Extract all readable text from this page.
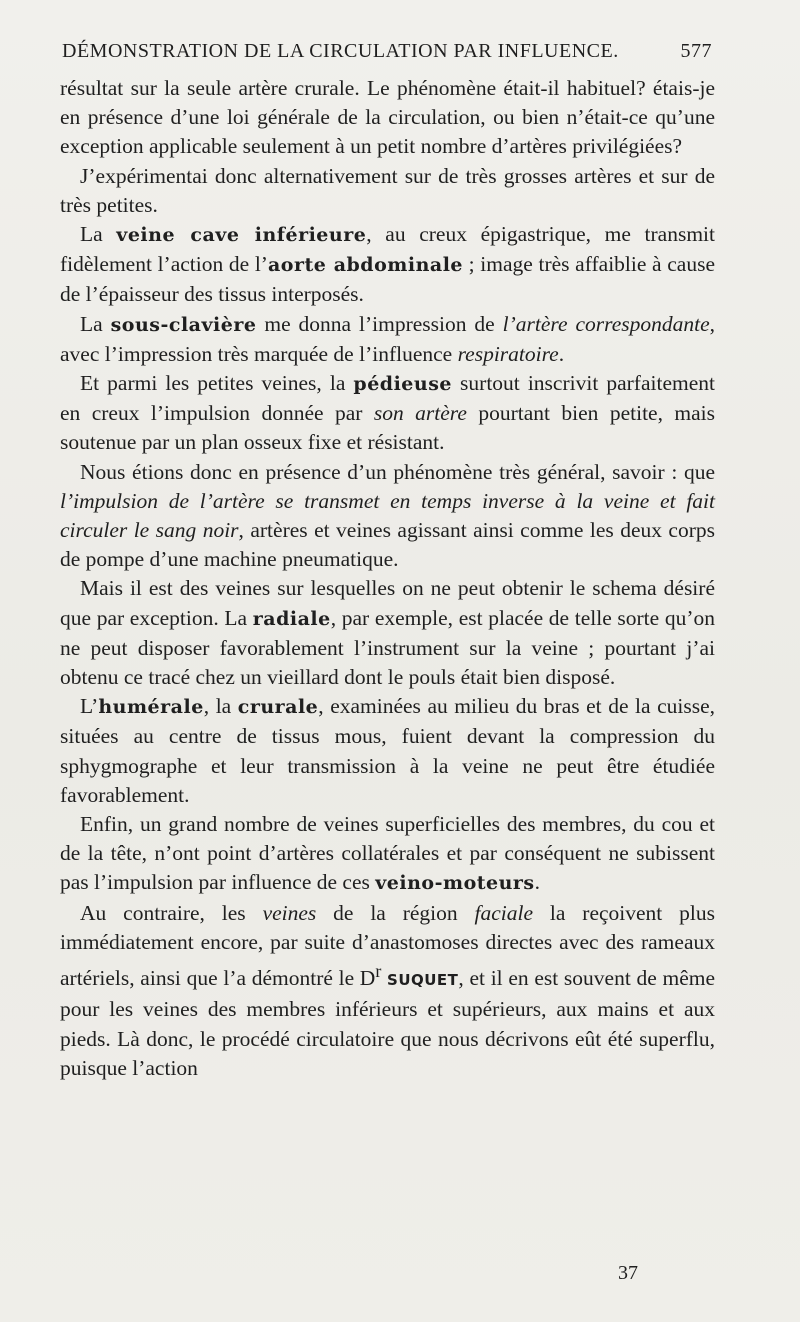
DÉMONSTRATION DE LA CIRCULATION PAR INFLUENCE.	577

résultat sur la seule artère crurale. Le phénomène était-il habituel? étais-je en présence d’une loi générale de la circulation, ou bien n’était-ce qu’une exception applicable seulement à un petit nombre d’artères privilégiées?

J’expérimentai donc alternativement sur de très grosses artères et sur de très petites.

La veine cave inférieure, au creux épigastrique, me transmit fidèlement l’action de l’aorte abdominale ; image très affaiblie à cause de l’épaisseur des tissus interposés.

La sous-clavière me donna l’impression de l’artère correspondante, avec l’impression très marquée de l’influence respiratoire.

Et parmi les petites veines, la pédieuse surtout inscrivit parfaitement en creux l’impulsion donnée par son artère pourtant bien petite, mais soutenue par un plan osseux fixe et résistant.

Nous étions donc en présence d’un phénomène très général, savoir : que l’impulsion de l’artère se transmet en temps inverse à la veine et fait circuler le sang noir, artères et veines agissant ainsi comme les deux corps de pompe d’une machine pneumatique.

Mais il est des veines sur lesquelles on ne peut obtenir le schema désiré que par exception. La radiale, par exemple, est placée de telle sorte qu’on ne peut disposer favorablement l’instrument sur la veine ; pourtant j’ai obtenu ce tracé chez un vieillard dont le pouls était bien disposé.

L’humérale, la crurale, examinées au milieu du bras et de la cuisse, situées au centre de tissus mous, fuient devant la compression du sphygmographe et leur transmission à la veine ne peut être étudiée favorablement.

Enfin, un grand nombre de veines superficielles des membres, du cou et de la tête, n’ont point d’artères collatérales et par conséquent ne subissent pas l’impulsion par influence de ces veino-moteurs.

Au contraire, les veines de la région faciale la reçoivent plus immédiatement encore, par suite d’anastomoses directes avec des rameaux artériels, ainsi que l’a démontré le $D^r$ SUQUET, et il en est souvent de même pour les veines des membres inférieurs et supérieurs, aux mains et aux pieds. Là donc, le procédé circulatoire que nous décrivons eût été superflu, puisque l’action

37
